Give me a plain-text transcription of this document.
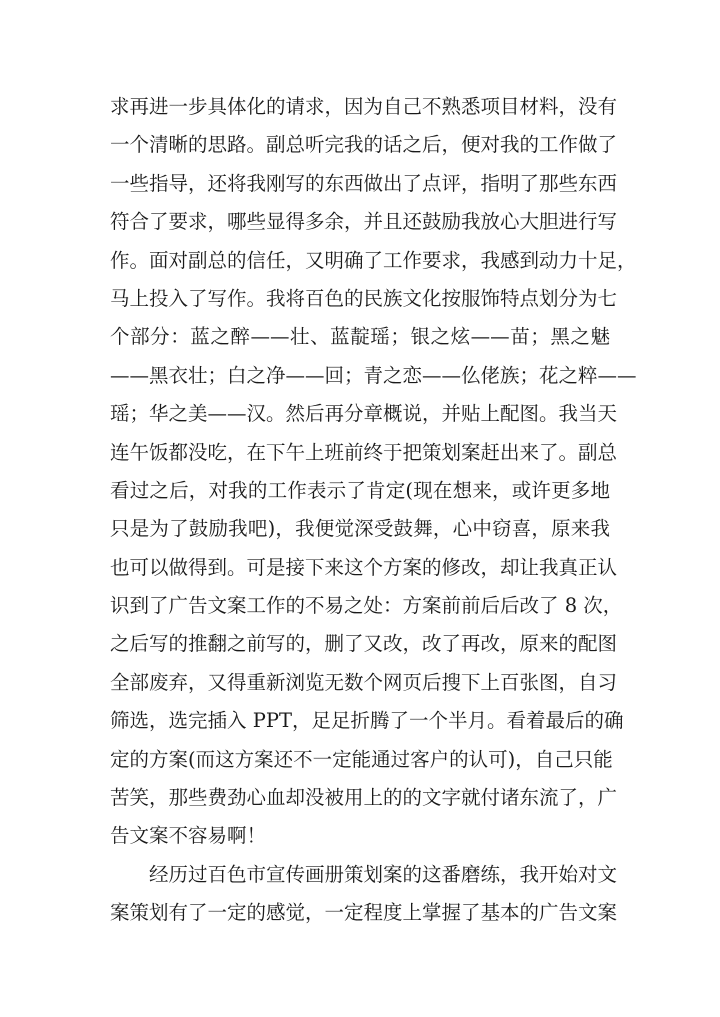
求再进一步具体化的请求，因为自己不熟悉项目材料，没有
一个清晰的思路。副总听完我的话之后，便对我的工作做了
一些指导，还将我刚写的东西做出了点评，指明了那些东西
符合了要求，哪些显得多余，并且还鼓励我放心大胆进行写
作。面对副总的信任，又明确了工作要求，我感到动力十足，
马上投入了写作。我将百色的民族文化按服饰特点划分为七
个部分：蓝之醉——壮、蓝靛瑶；银之炫——苗；黑之魅
——黑衣壮；白之净——回；青之恋——仫佬族；花之粹——
瑶；华之美——汉。然后再分章概说，并贴上配图。我当天
连午饭都没吃，在下午上班前终于把策划案赶出来了。副总
看过之后，对我的工作表示了肯定(现在想来，或许更多地
只是为了鼓励我吧)，我便觉深受鼓舞，心中窃喜，原来我
也可以做得到。可是接下来这个方案的修改，却让我真正认
识到了广告文案工作的不易之处：方案前前后后改了 8 次，
之后写的推翻之前写的，删了又改，改了再改，原来的配图
全部废弃，又得重新浏览无数个网页后搜下上百张图，自习
筛选，选完插入 PPT，足足折腾了一个半月。看着最后的确
定的方案(而这方案还不一定能通过客户的认可)，自己只能
苦笑，那些费劲心血却没被用上的的文字就付诸东流了，广
告文案不容易啊！
经历过百色市宣传画册策划案的这番磨练，我开始对文
案策划有了一定的感觉，一定程度上掌握了基本的广告文案
